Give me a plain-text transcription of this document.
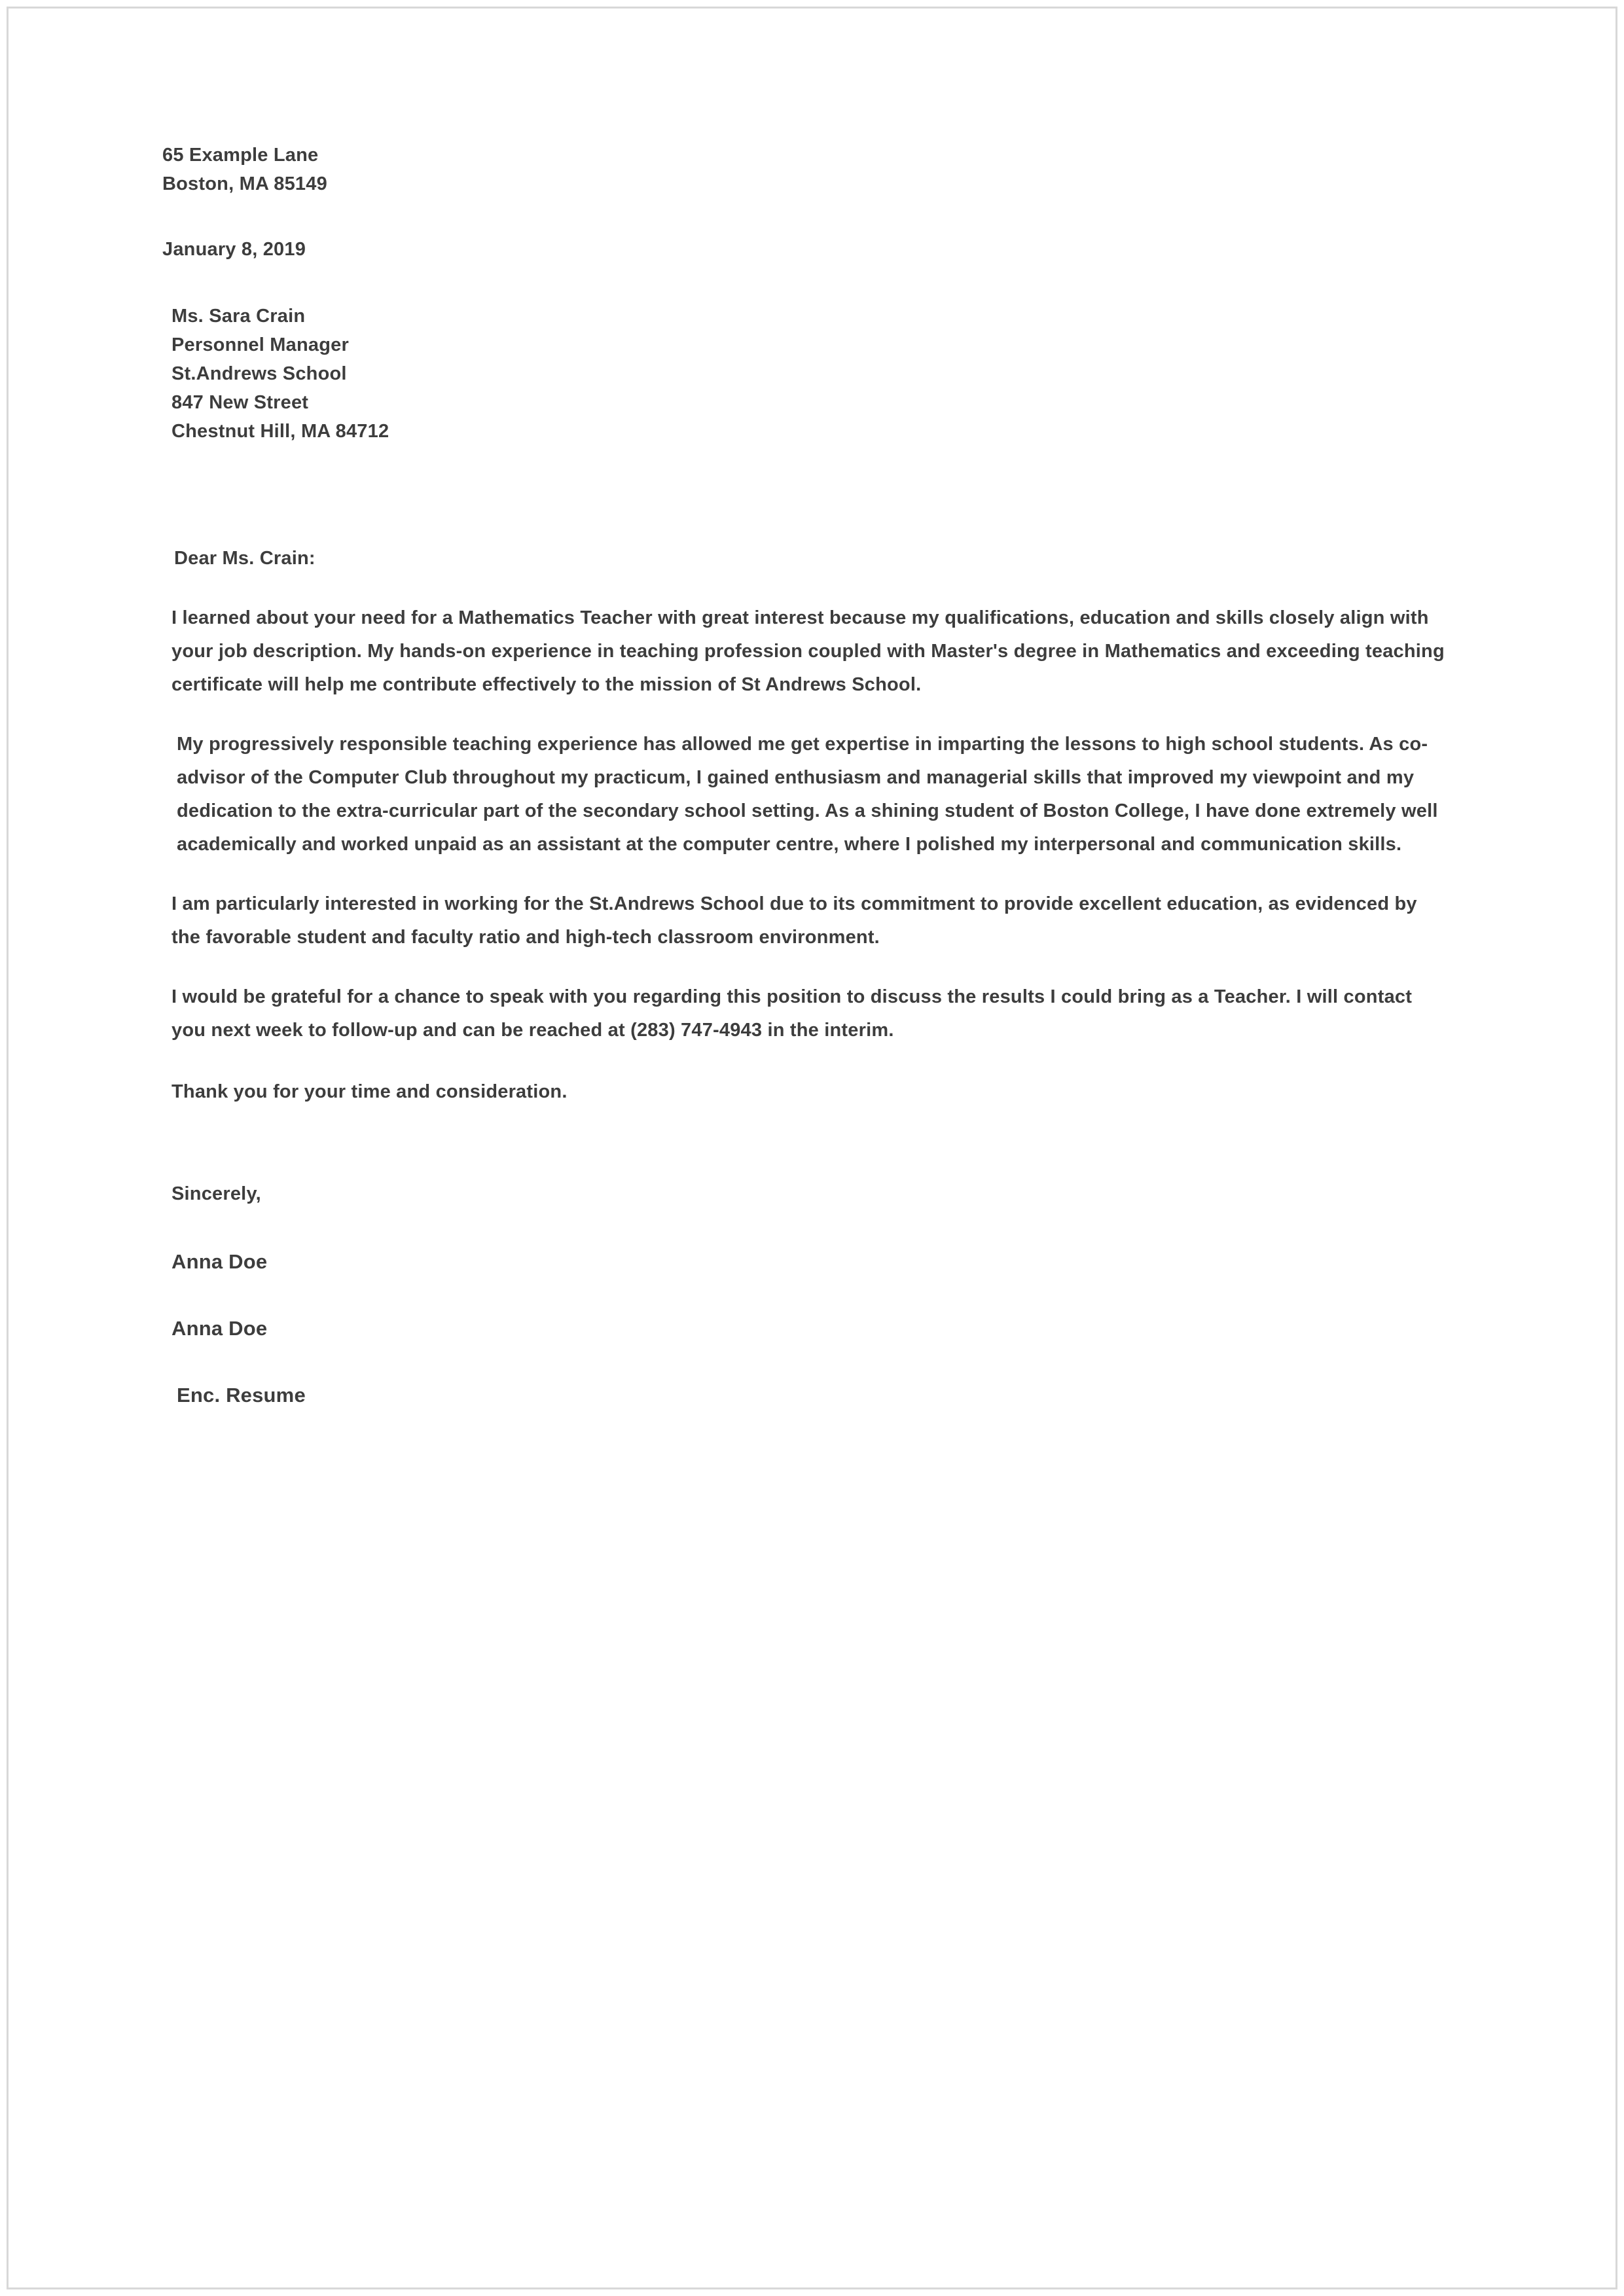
65 Example Lane
Boston, MA 85149
January 8, 2019
Ms. Sara Crain
Personnel Manager
St.Andrews School
847 New Street
Chestnut Hill, MA 84712
Dear Ms. Crain:
I learned about your need for a Mathematics Teacher with great interest because my qualifications, education and skills closely align with your job description. My hands-on experience in teaching profession coupled with Master's degree in Mathematics and exceeding teaching certificate will help me contribute effectively to the mission of St Andrews School.
My progressively responsible teaching experience has allowed me get expertise in imparting the lessons to high school students. As co-advisor of the Computer Club throughout my practicum, I gained enthusiasm and managerial skills that improved my viewpoint and my dedication to the extra-curricular part of the secondary school setting. As a shining student of Boston College, I have done extremely well academically and worked unpaid as an assistant at the computer centre, where I polished my interpersonal and communication skills.
I am particularly interested in working for the St.Andrews School due to its commitment to provide excellent education, as evidenced by the favorable student and faculty ratio and high-tech classroom environment.
I would be grateful for a chance to speak with you regarding this position to discuss the results I could bring as a Teacher. I will contact you next week to follow-up and can be reached at (283) 747-4943 in the interim.
Thank you for your time and consideration.
Sincerely,
Anna Doe
Anna Doe
Enc. Resume
